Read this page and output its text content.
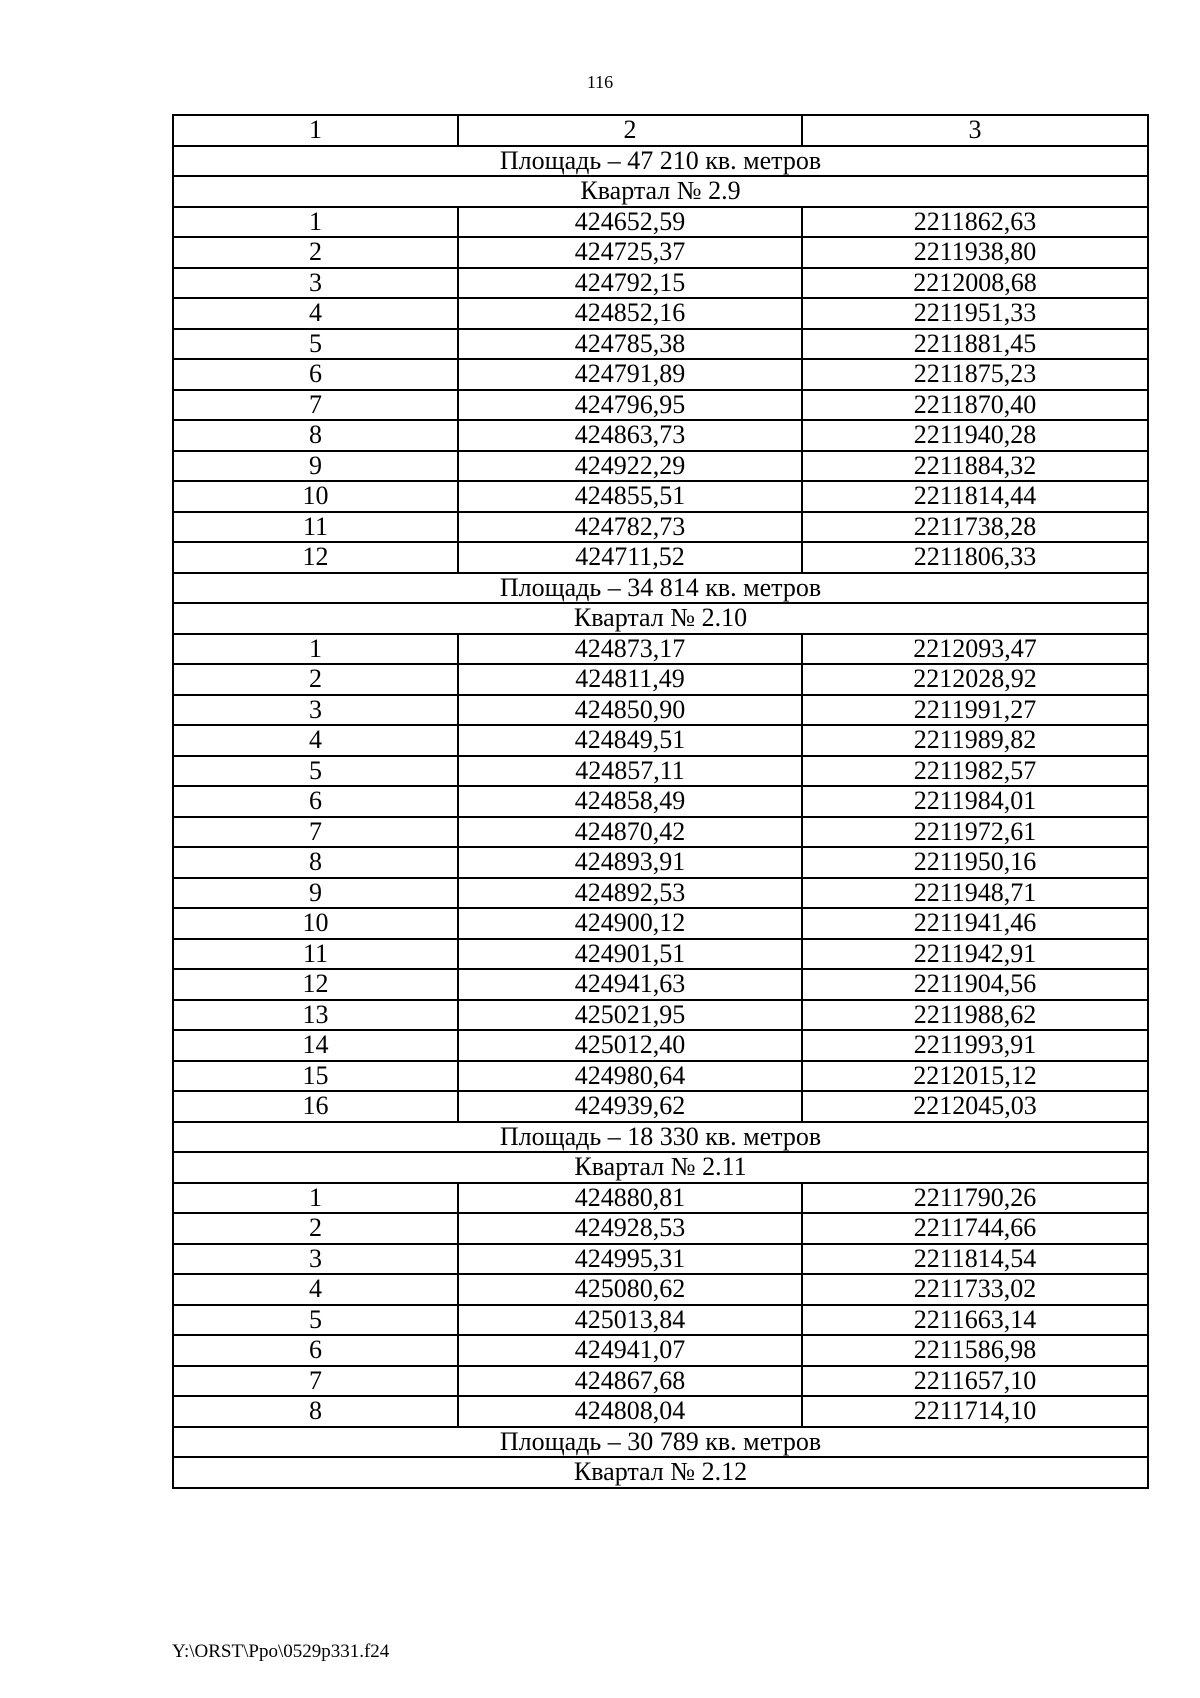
116
1	2	3
Площадь – 47 210 кв. метров		
Квартал № 2.9		
1	424652,59	2211862,63
2	424725,37	2211938,80
3	424792,15	2212008,68
4	424852,16	2211951,33
5	424785,38	2211881,45
6	424791,89	2211875,23
7	424796,95	2211870,40
8	424863,73	2211940,28
9	424922,29	2211884,32
10	424855,51	2211814,44
11	424782,73	2211738,28
12	424711,52	2211806,33
Площадь – 34 814 кв. метров		
Квартал № 2.10		
1	424873,17	2212093,47
2	424811,49	2212028,92
3	424850,90	2211991,27
4	424849,51	2211989,82
5	424857,11	2211982,57
6	424858,49	2211984,01
7	424870,42	2211972,61
8	424893,91	2211950,16
9	424892,53	2211948,71
10	424900,12	2211941,46
11	424901,51	2211942,91
12	424941,63	2211904,56
13	425021,95	2211988,62
14	425012,40	2211993,91
15	424980,64	2212015,12
16	424939,62	2212045,03
Площадь – 18 330 кв. метров		
Квартал № 2.11		
1	424880,81	2211790,26
2	424928,53	2211744,66
3	424995,31	2211814,54
4	425080,62	2211733,02
5	425013,84	2211663,14
6	424941,07	2211586,98
7	424867,68	2211657,10
8	424808,04	2211714,10
Площадь – 30 789 кв. метров		
Квартал № 2.12		
Y:\ORST\Ppo\0529p331.f24
